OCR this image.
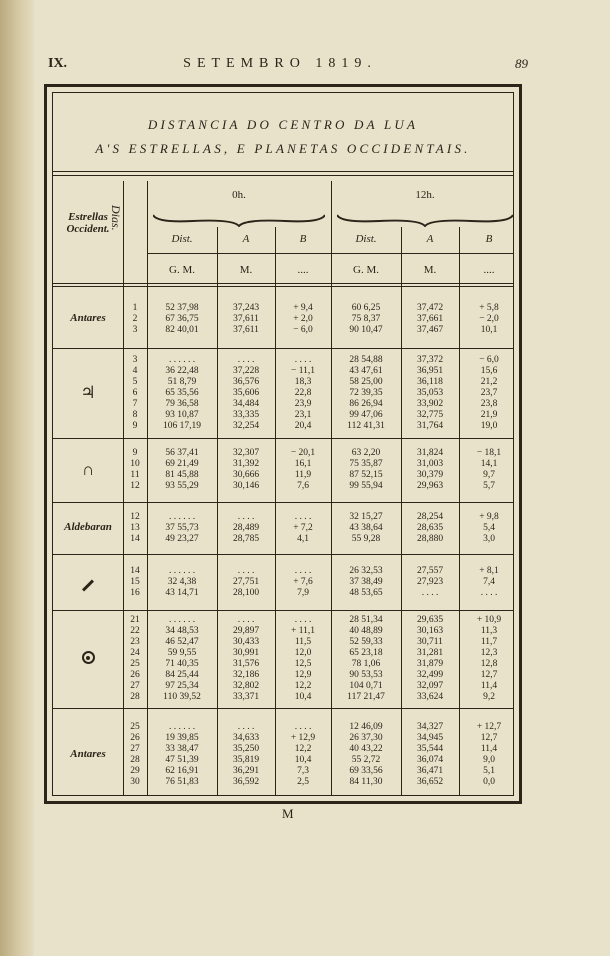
IX.	SETEMBRO 1819.	89
DISTANCIA DO CENTRO DA LUA
A'S ESTRELLAS, E PLANETAS OCCIDENTAIS.
Estrellas Occident. Dias.
0h.	12h.
Dist.	A	B	Dist.	A	B
G. M.	M.	....	G. M.	M.	....
Antares
1	52 37,98	37,243	+ 9,4	60 6,25	37,472	+ 5,8
2	67 36,75	37,611	+ 2,0	75 8,37	37,661	− 2,0
3	82 40,01	37,611	− 6,0	90 10,47	37,467	10,1
♃
3	. . . . . .	. . . .	. . . .	28 54,88	37,372	− 6,0
4	36 22,48	37,228	− 11,1	43 47,61	36,951	15,6
5	51 8,79	36,576	18,3	58 25,00	36,118	21,2
6	65 35,56	35,606	22,8	72 39,35	35,053	23,7
7	79 36,58	34,484	23,9	86 26,94	33,902	23,8
8	93 10,87	33,335	23,1	99 47,06	32,775	21,9
9	106 17,19	32,254	20,4	112 41,31	31,764	19,0
∩
9	56 37,41	32,307	− 20,1	63 2,20	31,824	− 18,1
10	69 21,49	31,392	16,1	75 35,87	31,003	14,1
11	81 45,88	30,666	11,9	87 52,15	30,379	9,7
12	93 55,29	30,146	7,6	99 55,94	29,963	5,7
Aldebaran
12	. . . . . .	. . . .	. . . .	32 15,27	28,254	+ 9,8
13	37 55,73	28,489	+ 7,2	43 38,64	28,635	5,4
14	49 23,27	28,785	4,1	55 9,28	28,880	3,0
14	. . . . . .	. . . .	. . . .	26 32,53	27,557	+ 8,1
15	32 4,38	27,751	+ 7,6	37 38,49	27,923	7,4
16	43 14,71	28,100	7,9	48 53,65	. . . .	. . . .
21	. . . . . .	. . . .	. . . .	28 51,34	29,635	+ 10,9
22	34 48,53	29,897	+ 11,1	40 48,89	30,163	11,3
23	46 52,47	30,433	11,5	52 59,33	30,711	11,7
24	59 9,55	30,991	12,0	65 23,18	31,281	12,3
25	71 40,35	31,576	12,5	78 1,06	31,879	12,8
26	84 25,44	32,186	12,9	90 53,53	32,499	12,7
27	97 25,34	32,802	12,2	104 0,71	32,097	11,4
28	110 39,52	33,371	10,4	117 21,47	33,624	9,2
Antares
25	. . . . . .	. . . .	. . . .	12 46,09	34,327	+ 12,7
26	19 39,85	34,633	+ 12,9	26 37,30	34,945	12,7
27	33 38,47	35,250	12,2	40 43,22	35,544	11,4
28	47 51,39	35,819	10,4	55 2,72	36,074	9,0
29	62 16,91	36,291	7,3	69 33,56	36,471	5,1
30	76 51,83	36,592	2,5	84 11,30	36,652	0,0
M
